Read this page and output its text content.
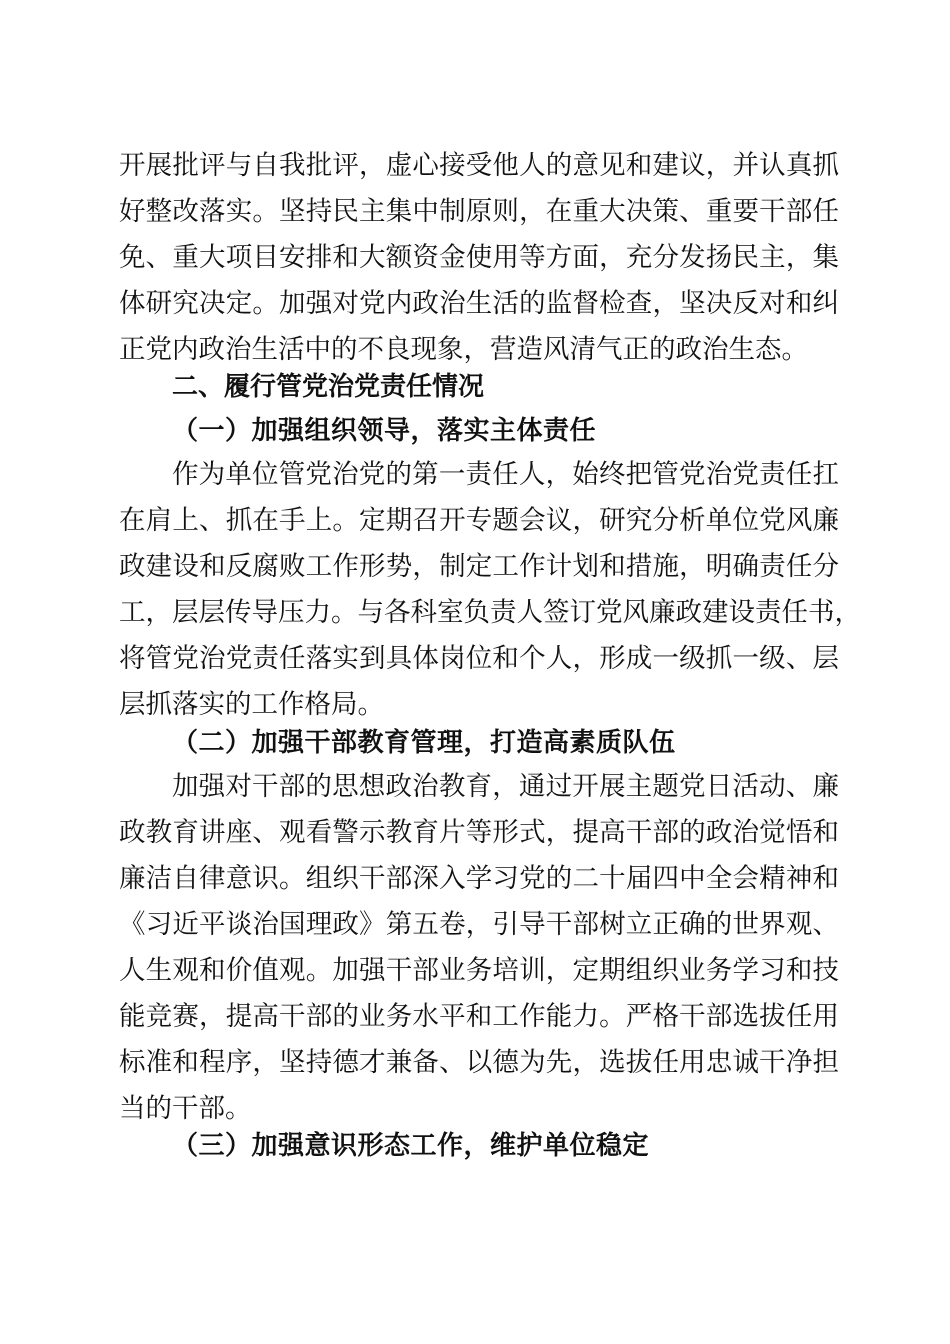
开展批评与自我批评，虚心接受他人的意见和建议，并认真抓
好整改落实。坚持民主集中制原则，在重大决策、重要干部任
免、重大项目安排和大额资金使用等方面，充分发扬民主，集
体研究决定。加强对党内政治生活的监督检查，坚决反对和纠
正党内政治生活中的不良现象，营造风清气正的政治生态。
二、履行管党治党责任情况
（一）加强组织领导，落实主体责任
作为单位管党治党的第一责任人，始终把管党治党责任扛
在肩上、抓在手上。定期召开专题会议，研究分析单位党风廉
政建设和反腐败工作形势，制定工作计划和措施，明确责任分
工，层层传导压力。与各科室负责人签订党风廉政建设责任书，
将管党治党责任落实到具体岗位和个人，形成一级抓一级、层
层抓落实的工作格局。
（二）加强干部教育管理，打造高素质队伍
加强对干部的思想政治教育，通过开展主题党日活动、廉
政教育讲座、观看警示教育片等形式，提高干部的政治觉悟和
廉洁自律意识。组织干部深入学习党的二十届四中全会精神和
《习近平谈治国理政》第五卷，引导干部树立正确的世界观、
人生观和价值观。加强干部业务培训，定期组织业务学习和技
能竞赛，提高干部的业务水平和工作能力。严格干部选拔任用
标准和程序，坚持德才兼备、以德为先，选拔任用忠诚干净担
当的干部。
（三）加强意识形态工作，维护单位稳定
